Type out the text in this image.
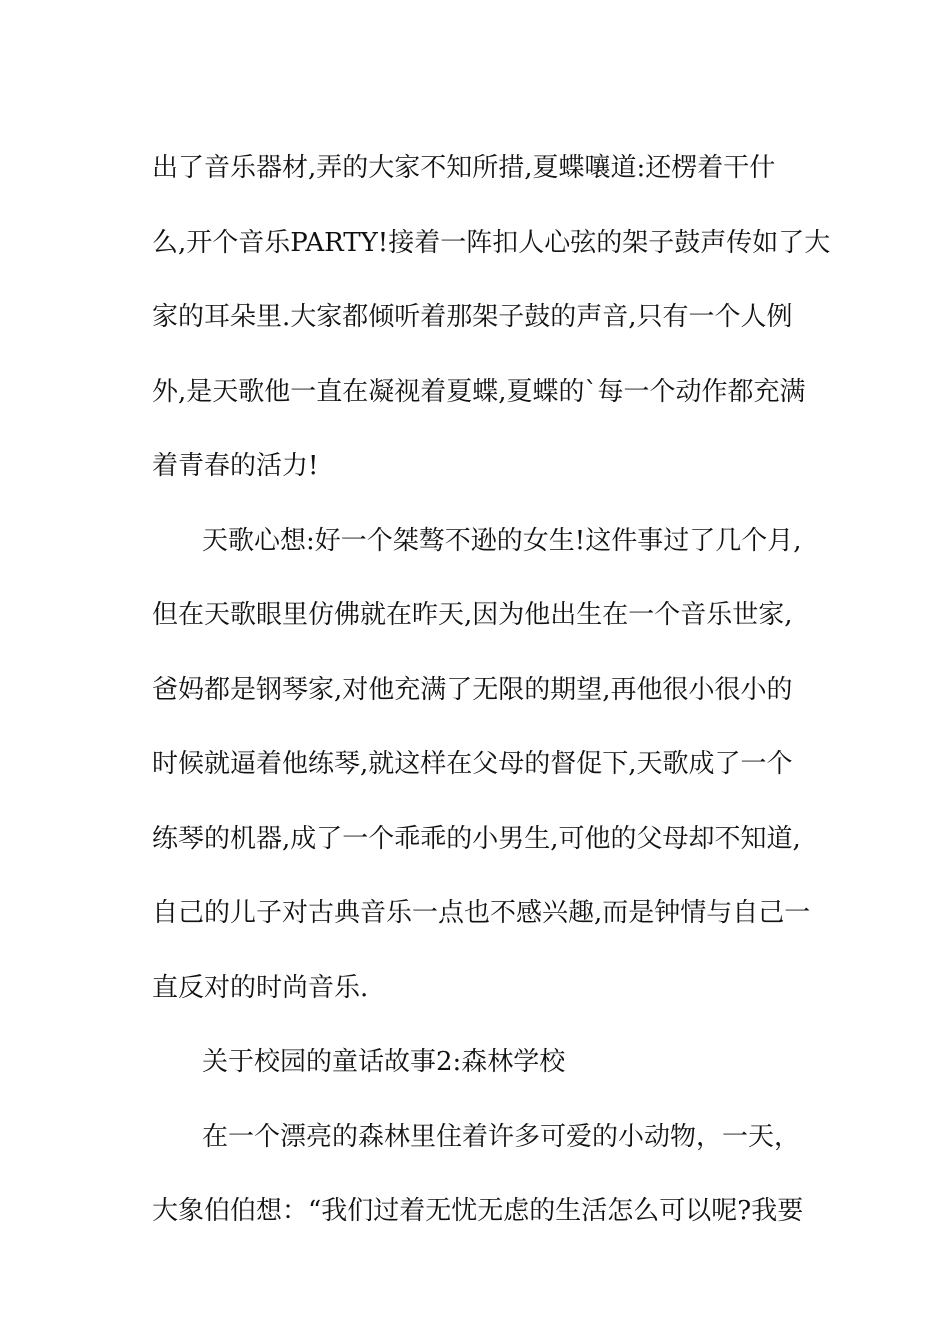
出了音乐器材,弄的大家不知所措,夏蝶嚷道:还楞着干什
么,开个音乐PARTY!接着一阵扣人心弦的架子鼓声传如了大
家的耳朵里.大家都倾听着那架子鼓的声音,只有一个人例
外,是天歌他一直在凝视着夏蝶,夏蝶的`每一个动作都充满
着青春的活力!
天歌心想:好一个桀骜不逊的女生!这件事过了几个月,
但在天歌眼里仿佛就在昨天,因为他出生在一个音乐世家,
爸妈都是钢琴家,对他充满了无限的期望,再他很小很小的
时候就逼着他练琴,就这样在父母的督促下,天歌成了一个
练琴的机器,成了一个乖乖的小男生,可他的父母却不知道,
自己的儿子对古典音乐一点也不感兴趣,而是钟情与自己一
直反对的时尚音乐.
关于校园的童话故事2:森林学校
在一个漂亮的森林里住着许多可爱的小动物，一天，
大象伯伯想：“我们过着无忧无虑的生活怎么可以呢?我要
